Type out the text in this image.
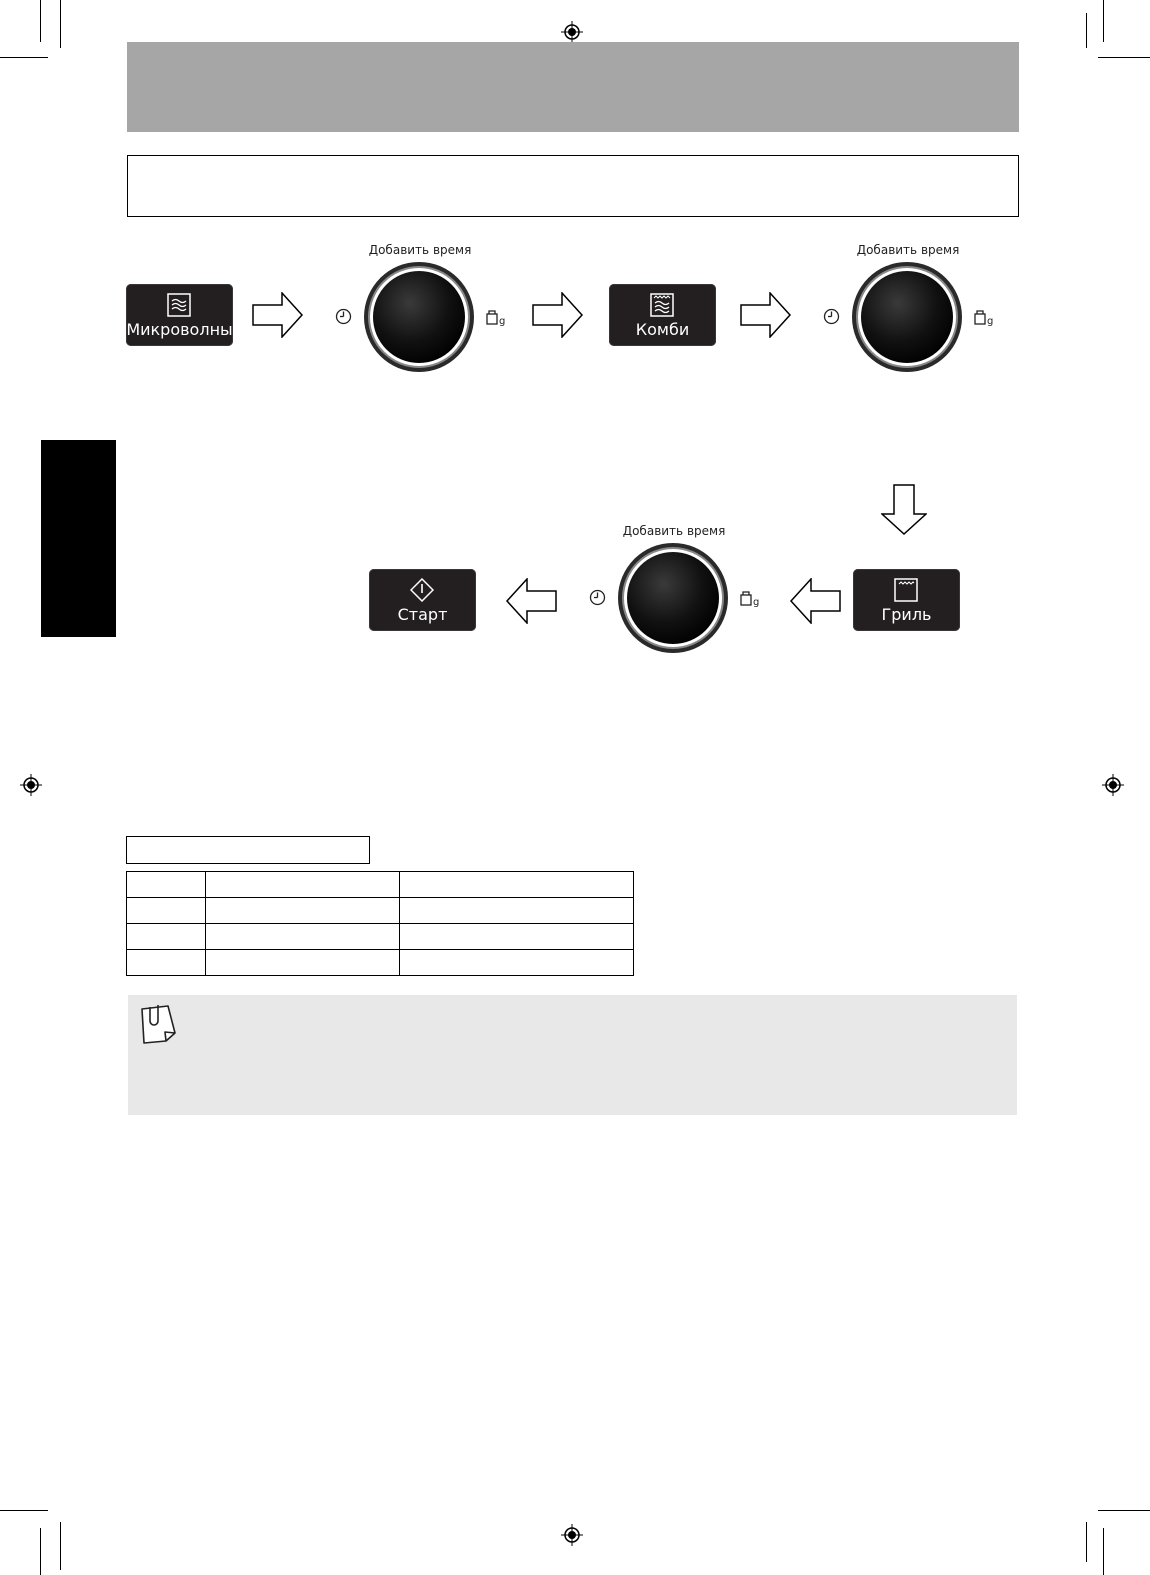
Микроволны
Добавить время
g	Комби
Добавить время
g
Старт
Добавить время
g
Гриль
